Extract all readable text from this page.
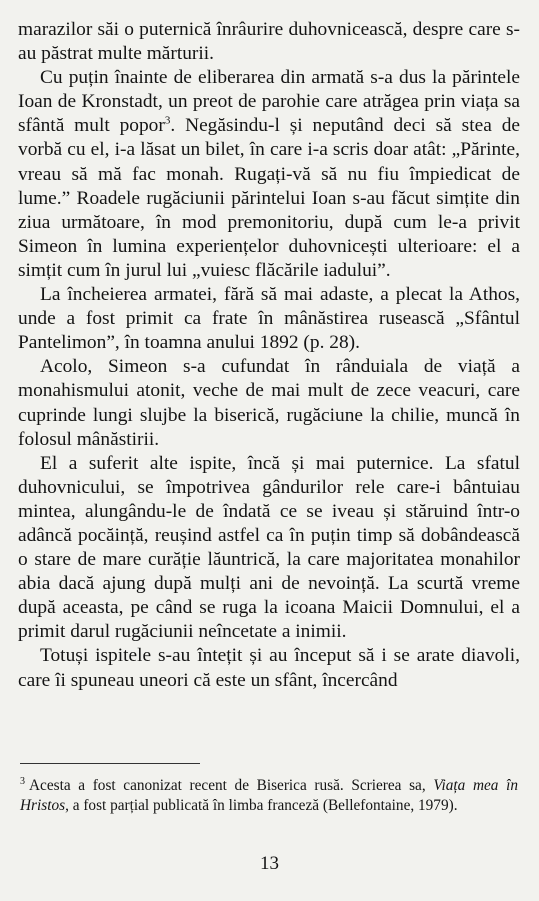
marazilor săi o puternică înrâurire duhovnicească, despre care s-au păstrat multe mărturii.

Cu puțin înainte de eliberarea din armată s-a dus la părintele Ioan de Kronstadt, un preot de parohie care atrăgea prin viața sa sfântă mult popor$^3$. Negăsindu-l și neputând deci să stea de vorbă cu el, i-a lăsat un bilet, în care i-a scris doar atât: „Părinte, vreau să mă fac monah. Rugați-vă să nu fiu împiedicat de lume.” Roadele rugăciunii părintelui Ioan s-au făcut simțite din ziua următoare, în mod premonitoriu, după cum le-a privit Simeon în lumina experiențelor duhovnicești ulterioare: el a simțit cum în jurul lui „vuiesc flăcările iadului”.

La încheierea armatei, fără să mai adaste, a plecat la Athos, unde a fost primit ca frate în mânăstirea rusească „Sfântul Pantelimon”, în toamna anului 1892 (p. 28).

Acolo, Simeon s-a cufundat în rânduiala de viață a monahismului atonit, veche de mai mult de zece veacuri, care cuprinde lungi slujbe la biserică, rugăciune la chilie, muncă în folosul mânăstirii.

El a suferit alte ispite, încă și mai puternice. La sfatul duhovnicului, se împotrivea gândurilor rele care-i bântuiau mintea, alungându-le de îndată ce se iveau și stăruind într-o adâncă pocăință, reușind astfel ca în puțin timp să dobândească o stare de mare curăție lăuntrică, la care majoritatea monahilor abia dacă ajung după mulți ani de nevoință. La scurtă vreme după aceasta, pe când se ruga la icoana Maicii Domnului, el a primit darul rugăciunii neîncetate a inimii.

Totuși ispitele s-au întețit și au început să i se arate diavoli, care îi spuneau uneori că este un sfânt, încercând

$^3$ Acesta a fost canonizat recent de Biserica rusă. Scrierea sa, Viața mea în Hristos, a fost parțial publicată în limba franceză (Bellefontaine, 1979).
13
